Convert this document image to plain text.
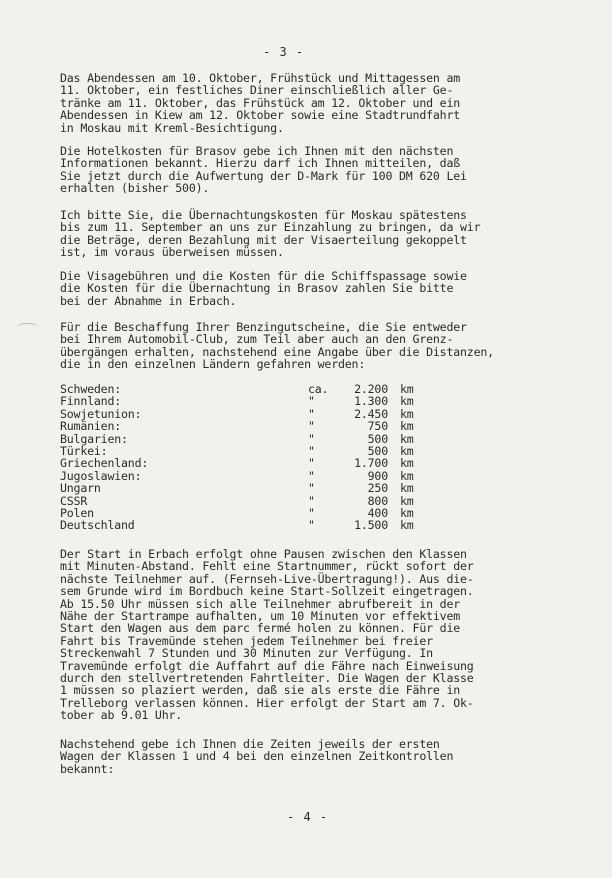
- 3 -

Das Abendessen am 10. Oktober, Frühstück und Mittagessen am
11. Oktober, ein festliches Diner einschließlich aller Ge-
tränke am 11. Oktober, das Frühstück am 12. Oktober und ein
Abendessen in Kiew am 12. Oktober sowie eine Stadtrundfahrt
in Moskau mit Kreml-Besichtigung.
Die Hotelkosten für Brasov gebe ich Ihnen mit den nächsten
Informationen bekannt. Hierzu darf ich Ihnen mitteilen, daß
Sie jetzt durch die Aufwertung der D-Mark für 100 DM 620 Lei
erhalten (bisher 500).
Ich bitte Sie, die Übernachtungskosten für Moskau spätestens
bis zum 11. September an uns zur Einzahlung zu bringen, da wir
die Beträge, deren Bezahlung mit der Visaerteilung gekoppelt
ist, im voraus überweisen müssen.
Die Visagebühren und die Kosten für die Schiffspassage sowie
die Kosten für die Übernachtung in Brasov zahlen Sie bitte
bei der Abnahme in Erbach.
Für die Beschaffung Ihrer Benzingutscheine, die Sie entweder
bei Ihrem Automobil-Club, zum Teil aber auch an den Grenz-
übergängen erhalten, nachstehend eine Angabe über die Distanzen,
die in den einzelnen Ländern gefahren werden:
Der Start in Erbach erfolgt ohne Pausen zwischen den Klassen
mit Minuten-Abstand. Fehlt eine Startnummer, rückt sofort der
nächste Teilnehmer auf. (Fernseh-Live-Übertragung!). Aus die-
sem Grunde wird im Bordbuch keine Start-Sollzeit eingetragen.
Ab 15.50 Uhr müssen sich alle Teilnehmer abrufbereit in der
Nähe der Startrampe aufhalten, um 10 Minuten vor effektivem
Start den Wagen aus dem parc fermé holen zu können. Für die
Fahrt bis Travemünde stehen jedem Teilnehmer bei freier
Streckenwahl 7 Stunden und 30 Minuten zur Verfügung. In
Travemünde erfolgt die Auffahrt auf die Fähre nach Einweisung
durch den stellvertretenden Fahrtleiter. Die Wagen der Klasse
1 müssen so plaziert werden, daß sie als erste die Fähre in
Trelleborg verlassen können. Hier erfolgt der Start am 7. Ok-
tober ab 9.01 Uhr.
Nachstehend gebe ich Ihnen die Zeiten jeweils der ersten
Wagen der Klassen 1 und 4 bei den einzelnen Zeitkontrollen
bekannt:

Schweden:	ca.	2.200 km
Finnland:	"	1.300 km
Sowjetunion:	"	2.450 km
Rumänien:	"	750 km
Bulgarien:	"	500 km
Türkei:	"	500 km
Griechenland:	"	1.700 km
Jugoslawien:	"	900 km
Ungarn	"	250 km
CSSR	"	800 km
Polen	"	400 km
Deutschland	"	1.500 km

- 4 -
